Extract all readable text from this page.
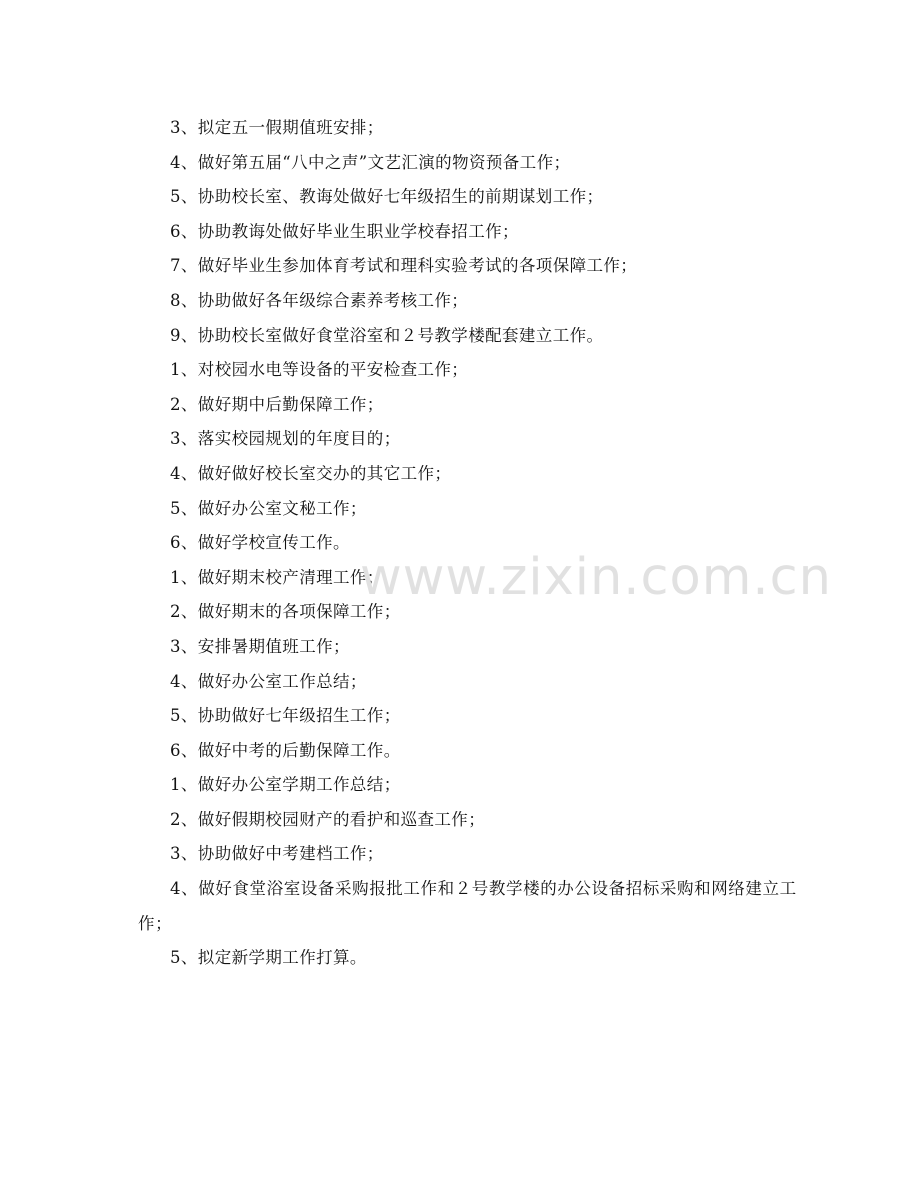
3、拟定五一假期值班安排；

4、做好第五届“八中之声”文艺汇演的物资预备工作；

5、协助校长室、教诲处做好七年级招生的前期谋划工作；

6、协助教诲处做好毕业生职业学校春招工作；

7、做好毕业生参加体育考试和理科实验考试的各项保障工作；

8、协助做好各年级综合素养考核工作；

9、协助校长室做好食堂浴室和２号教学楼配套建立工作。

1、对校园水电等设备的平安检查工作；

2、做好期中后勤保障工作；

3、落实校园规划的年度目的；

4、做好做好校长室交办的其它工作；

5、做好办公室文秘工作；

6、做好学校宣传工作。

1、做好期末校产清理工作；

2、做好期末的各项保障工作；

3、安排暑期值班工作；

4、做好办公室工作总结；

5、协助做好七年级招生工作；

6、做好中考的后勤保障工作。

1、做好办公室学期工作总结；

2、做好假期校园财产的看护和巡查工作；

3、协助做好中考建档工作；

4、做好食堂浴室设备采购报批工作和２号教学楼的办公设备招标采购和网络建立工作；

5、拟定新学期工作打算。

www.zixin.com.cn
